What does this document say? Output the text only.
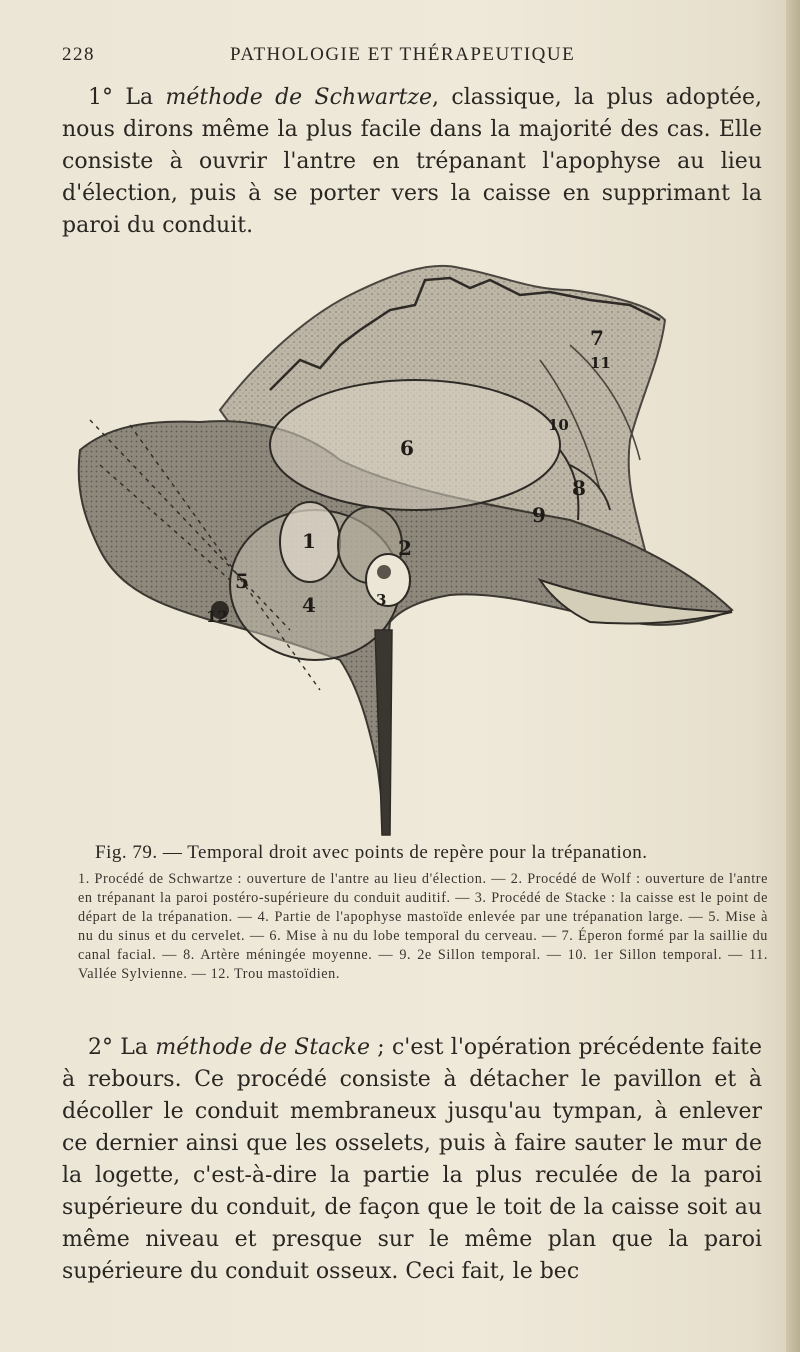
228	PATHOLOGIE ET THÉRAPEUTIQUE

1° La méthode de Schwartze, classique, la plus adoptée, nous dirons même la plus facile dans la majorité des cas. Elle consiste à ouvrir l'antre en trépanant l'apophyse au lieu d'élection, puis à se porter vers la caisse en supprimant la paroi du conduit.

1	2
3
4
5
6
7
8
9
10
11
12
Fig. 79. — Temporal droit avec points de repère pour la trépanation.
1. Procédé de Schwartze : ouverture de l'antre au lieu d'élection. — 2. Procédé de Wolf : ouverture de l'antre en trépanant la paroi postéro-supérieure du conduit auditif. — 3. Procédé de Stacke : la caisse est le point de départ de la trépanation. — 4. Partie de l'apophyse mastoïde enlevée par une trépanation large. — 5. Mise à nu du sinus et du cervelet. — 6. Mise à nu du lobe temporal du cerveau. — 7. Éperon formé par la saillie du canal facial. — 8. Artère méningée moyenne. — 9. 2e Sillon temporal. — 10. 1er Sillon temporal. — 11. Vallée Sylvienne. — 12. Trou mastoïdien.

2° La méthode de Stacke ; c'est l'opération précédente faite à rebours. Ce procédé consiste à détacher le pavillon et à décoller le conduit membraneux jusqu'au tympan, à enlever ce dernier ainsi que les osselets, puis à faire sauter le mur de la logette, c'est-à-dire la partie la plus reculée de la paroi supérieure du conduit, de façon que le toit de la caisse soit au même niveau et presque sur le même plan que la paroi supérieure du conduit osseux. Ceci fait, le bec
